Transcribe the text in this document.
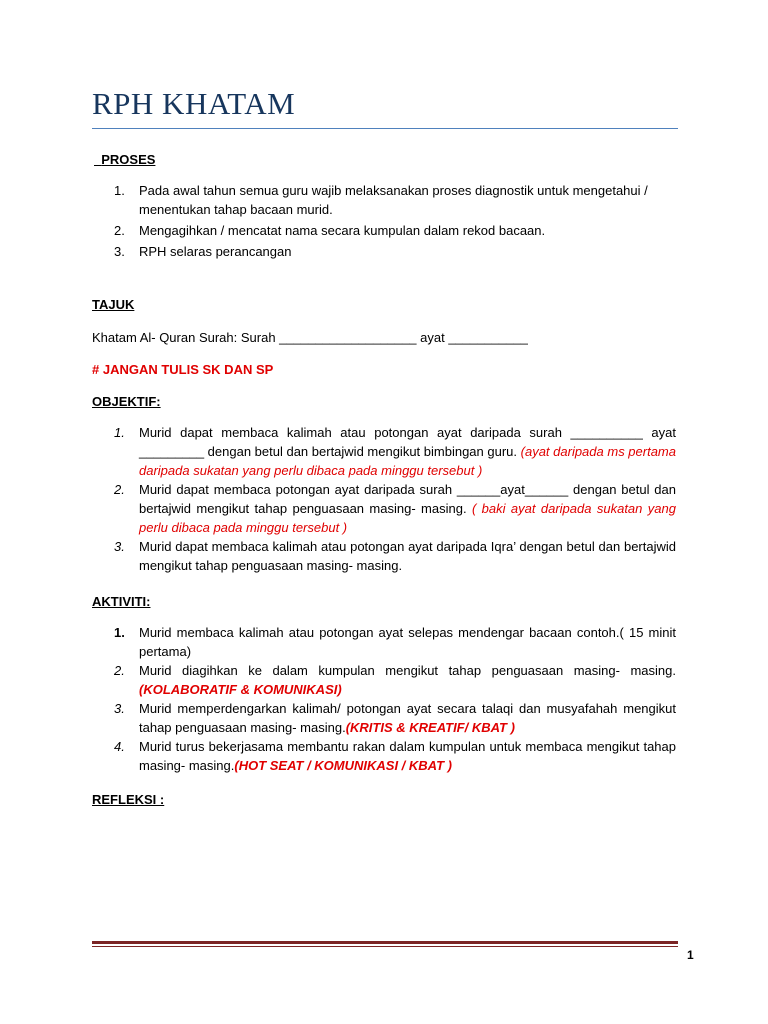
RPH KHATAM

PROSES

1. Pada awal tahun semua guru wajib melaksanakan proses diagnostik untuk mengetahui / menentukan tahap bacaan murid.
2. Mengagihkan / mencatat nama secara kumpulan dalam rekod bacaan.
3. RPH selaras perancangan

TAJUK

Khatam Al- Quran Surah: Surah ___________________ ayat ___________

# JANGAN TULIS SK DAN SP

OBJEKTIF:

1. Murid dapat membaca kalimah atau potongan ayat daripada surah __________ ayat _________ dengan betul dan bertajwid mengikut bimbingan guru. (ayat daripada ms pertama daripada sukatan yang perlu dibaca pada minggu tersebut )
2. Murid dapat membaca potongan ayat daripada surah ______ayat______ dengan betul dan bertajwid mengikut tahap penguasaan masing- masing. ( baki ayat daripada sukatan yang perlu dibaca pada minggu tersebut )
3. Murid dapat membaca kalimah atau potongan ayat daripada Iqra’ dengan betul dan bertajwid mengikut tahap penguasaan masing- masing.

AKTIVITI:

1. Murid membaca kalimah atau potongan ayat selepas mendengar bacaan contoh.( 15 minit pertama)
2. Murid diagihkan ke dalam kumpulan mengikut tahap penguasaan masing- masing.(KOLABORATIF & KOMUNIKASI)
3. Murid memperdengarkan kalimah/ potongan ayat secara talaqi dan musyafahah mengikut tahap penguasaan masing- masing.(KRITIS & KREATIF/ KBAT )
4. Murid turus bekerjasama membantu rakan dalam kumpulan untuk membaca mengikut tahap masing- masing.(HOT SEAT / KOMUNIKASI / KBAT )

REFLEKSI :

1
